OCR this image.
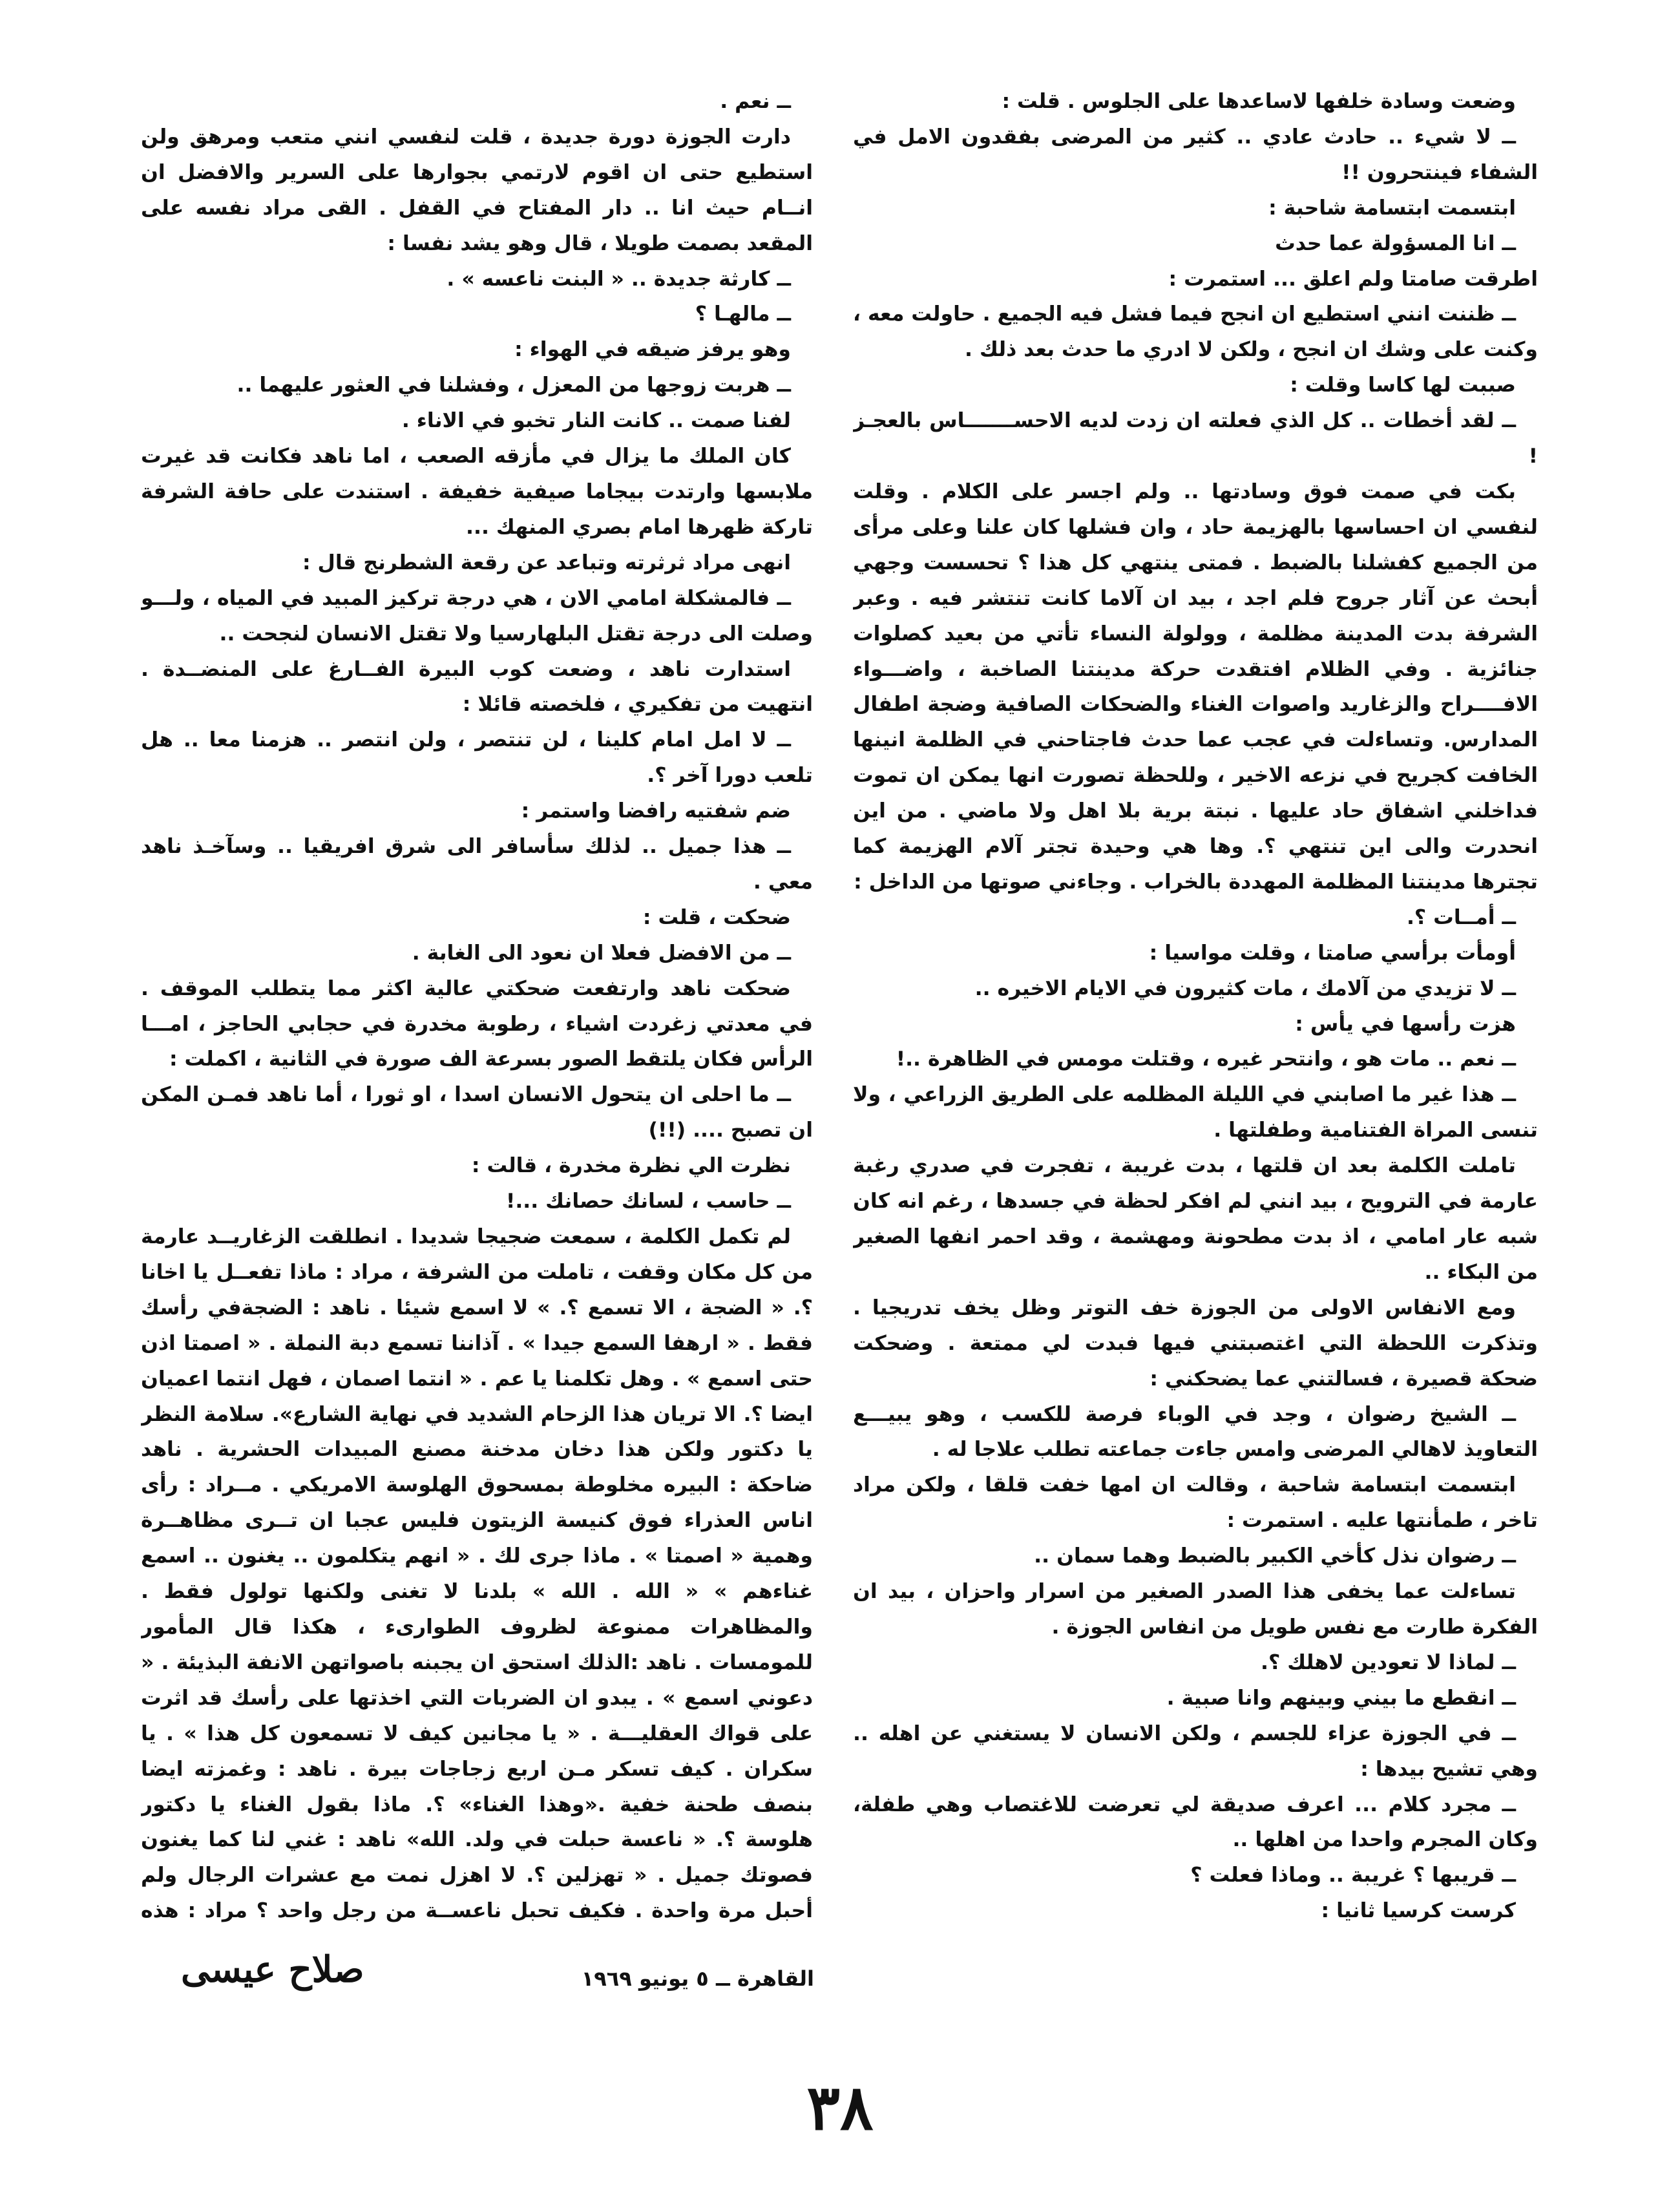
وضعت وسادة خلفها لاساعدها على الجلوس . قلت :

ــ لا شيء .. حادث عادي .. كثير من المرضى بفقدون الامل في الشفاء فينتحرون !!

ابتسمت ابتسامة شاحبة :

ــ انا المسؤولة عما حدث

اطرقت صامتا ولم اعلق ... استمرت :

ــ ظننت انني استطيع ان انجح فيما فشل فيه الجميع . حاولت معه ، وكنت على وشك ان انجح ، ولكن لا ادري ما حدث بعد ذلك .

صببت لها كاسا وقلت :

ــ لقد أخطات .. كل الذي فعلته ان زدت لديه الاحســـــــاس بالعجـز !

بكت في صمت فوق وسادتها .. ولم اجسر على الكلام . وقلت لنفسي ان احساسها بالهزيمة حاد ، وان فشلها كان علنا وعلى مرأى من الجميع كفشلنا بالضبط . فمتى ينتهي كل هذا ؟ تحسست وجهي أبحث عن آثار جروح فلم اجد ، بيد ان آلاما كانت تنتشر فيه . وعبر الشرفة بدت المدينة مظلمة ، وولولة النساء تأتي من بعيد كصلوات جنائزية . وفي الظلام افتقدت حركة مدينتنا الصاخبة ، واضـــواء الافــــراح والزغاريد واصوات الغناء والضحكات الصافية وضجة اطفال المدارس. وتساءلت في عجب عما حدث فاجتاحني في الظلمة انينها الخافت كجريح في نزعه الاخير ، وللحظة تصورت انها يمكن ان تموت فداخلني اشفاق حاد عليها . نبتة برية بلا اهل ولا ماضي . من اين انحدرت والى اين تنتهي ؟. وها هي وحيدة تجتر آلام الهزيمة كما تجترها مدينتنا المظلمة المهددة بالخراب . وجاءني صوتها من الداخل :

ــ أمــات ؟.

أومأت برأسي صامتا ، وقلت مواسيا :

ــ لا تزيدي من آلامك ، مات كثيرون في الايام الاخيره ..

هزت رأسها في يأس :

ــ نعم .. مات هو ، وانتحر غيره ، وقتلت مومس في الظاهرة ..!

ــ هذا غير ما اصابني في الليلة المظلمه على الطريق الزراعي ، ولا تنسى المراة الفتنامية وطفلتها .

تاملت الكلمة بعد ان قلتها ، بدت غريبة ، تفجرت في صدري رغبة عارمة في الترويح ، بيد انني لم افكر لحظة في جسدها ، رغم انه كان شبه عار امامي ، اذ بدت مطحونة ومهشمة ، وقد احمر انفها الصغير من البكاء ..

ومع الانفاس الاولى من الجوزة خف التوتر وظل يخف تدريجيا . وتذكرت اللحظة التي اغتصبتني فيها فبدت لي ممتعة . وضحكت ضحكة قصيرة ، فسالتني عما يضحكني :

ــ الشيخ رضوان ، وجد في الوباء فرصة للكسب ، وهو يبيـــع التعاويذ لاهالي المرضى وامس جاءت جماعته تطلب علاجا له .

ابتسمت ابتسامة شاحبة ، وقالت ان امها خفت قلقا ، ولكن مراد تاخر ، طمأنتها عليه . استمرت :

ــ رضوان نذل كأخي الكبير بالضبط وهما سمان ..

تساءلت عما يخفى هذا الصدر الصغير من اسرار واحزان ، بيد ان الفكرة طارت مع نفس طويل من انفاس الجوزة .

ــ لماذا لا تعودين لاهلك ؟.

ــ انقطع ما بيني وبينهم وانا صبية .

ــ في الجوزة عزاء للجسم ، ولكن الانسان لا يستغني عن اهله .. وهي تشيح بيدها :

ــ مجرد كلام ... اعرف صديقة لي تعرضت للاغتصاب وهي طفلة، وكان المجرم واحدا من اهلها ..

ــ قريبها ؟ غريبة .. وماذا فعلت ؟

كرست كرسيا ثانيا :

ــ نعم .

دارت الجوزة دورة جديدة ، قلت لنفسي انني متعب ومرهق ولن استطيع حتى ان اقوم لارتمي بجوارها على السرير والافضل ان انــام حيث انا .. دار المفتاح في القفل . القى مراد نفسه على المقعد بصمت طويلا ، قال وهو يشد نفسا :

ــ كارثة جديدة .. « البنت ناعسه » .

ــ مالهـا ؟

وهو يرفز ضيقه في الهواء :

ــ هربت زوجها من المعزل ، وفشلنا في العثور عليهما ..

لفنا صمت .. كانت النار تخبو في الاناء .

كان الملك ما يزال في مأزقه الصعب ، اما ناهد فكانت قد غيرت ملابسها وارتدت بيجاما صيفية خفيفة . استندت على حافة الشرفة تاركة ظهرها امام بصري المنهك ...

انهى مراد ثرثرته وتباعد عن رقعة الشطرنج قال :

ــ فالمشكلة امامي الان ، هي درجة تركيز المبيد في المياه ، ولـــو وصلت الى درجة تقتل البلهارسيا ولا تقتل الانسان لنجحت ..

استدارت ناهد ، وضعت كوب البيرة الفــارغ على المنضــدة . انتهيت من تفكيري ، فلخصته قائلا :

ــ لا امل امام كلينا ، لن تنتصر ، ولن انتصر .. هزمنا معا .. هل تلعب دورا آخر ؟.

ضم شفتيه رافضا واستمر :

ــ هذا جميل .. لذلك سأسافر الى شرق افريقيا .. وسآخـذ ناهد معي .

ضحكت ، قلت :

ــ من الافضل فعلا ان نعود الى الغابة .

ضحكت ناهد وارتفعت ضحكتي عالية اكثر مما يتطلب الموقف . في معدتي زغردت اشياء ، رطوبة مخدرة في حجابي الحاجز ، امـــا الرأس فكان يلتقط الصور بسرعة الف صورة في الثانية ، اكملت :

ــ ما احلى ان يتحول الانسان اسدا ، او ثورا ، أما ناهد فمـن المكن ان تصبح .... (!!)

نظرت الي نظرة مخدرة ، قالت :

ــ حاسب ، لسانك حصانك ...!

لم تكمل الكلمة ، سمعت ضجيجا شديدا . انطلقت الزغاريــد عارمة من كل مكان وقفت ، تاملت من الشرفة ، مراد : ماذا تفعــل يا اخانا ؟. « الضجة ، الا تسمع ؟. » لا اسمع شيئا . ناهد : الضجةفي رأسك فقط . « ارهفا السمع جيدا » . آذاننا تسمع دبة النملة . « اصمتا اذن حتى اسمع » . وهل تكلمنا يا عم . « انتما اصمان ، فهل انتما اعميان ايضا ؟. الا تريان هذا الزحام الشديد في نهاية الشارع». سلامة النظر يا دكتور ولكن هذا دخان مدخنة مصنع المبيدات الحشرية . ناهد ضاحكة : البيره مخلوطة بمسحوق الهلوسة الامريكي . مــراد : رأى اناس العذراء فوق كنيسة الزيتون فليس عجبا ان تــرى مظاهــرة وهمية « اصمتا » . ماذا جرى لك . « انهم يتكلمون .. يغنون .. اسمع غناءهم » « الله . الله » بلدنا لا تغنى ولكنها تولول فقط . والمظاهرات ممنوعة لظروف الطوارىء ، هكذا قال المأمور للمومسات . ناهد :الذلك استحق ان يجبنه باصواتهن الانفة البذيئة . « دعوني اسمع » . يبدو ان الضربات التي اخذتها على رأسك قد اثرت على قواك العقليـــة . « يا مجانين كيف لا تسمعون كل هذا » . يا سكران . كيف تسكر مـن اربع زجاجات بيرة . ناهد : وغمزته ايضا بنصف طحنة خفية .«وهذا الغناء» ؟. ماذا بقول الغناء يا دكتور هلوسة ؟. « ناعسة حبلت في ولد. الله» ناهد : غني لنا كما يغنون فصوتك جميل . « تهزلين ؟. لا اهزل نمت مع عشرات الرجال ولم أحبل مرة واحدة . فكيف تحبل ناعســة من رجل واحد ؟ مراد : هذه

القاهرة ــ ٥ يونيو ١٩٦٩
صلاح عيسى
٣٨
